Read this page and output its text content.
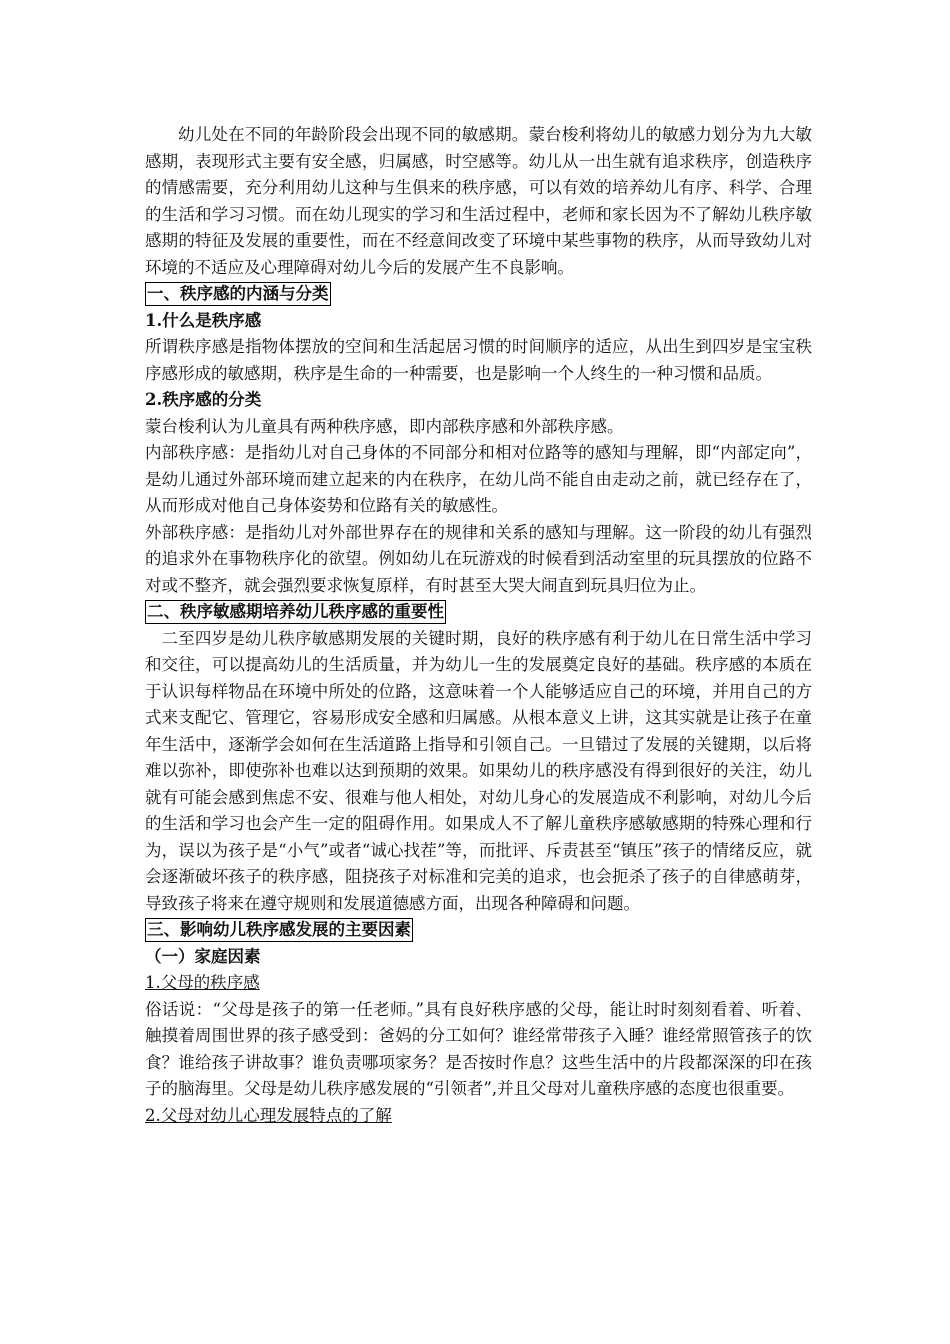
幼儿处在不同的年龄阶段会出现不同的敏感期。蒙台梭利将幼儿的敏感力划分为九大敏感期，表现形式主要有安全感，归属感，时空感等。幼儿从一出生就有追求秩序，创造秩序的情感需要，充分利用幼儿这种与生俱来的秩序感，可以有效的培养幼儿有序、科学、合理的生活和学习习惯。而在幼儿现实的学习和生活过程中，老师和家长因为不了解幼儿秩序敏感期的特征及发展的重要性，而在不经意间改变了环境中某些事物的秩序，从而导致幼儿对环境的不适应及心理障碍对幼儿今后的发展产生不良影响。

一、秩序感的内涵与分类

1.什么是秩序感

所谓秩序感是指物体摆放的空间和生活起居习惯的时间顺序的适应，从出生到四岁是宝宝秩序感形成的敏感期，秩序是生命的一种需要，也是影响一个人终生的一种习惯和品质。

2.秩序感的分类

蒙台梭利认为儿童具有两种秩序感，即内部秩序感和外部秩序感。

内部秩序感：是指幼儿对自己身体的不同部分和相对位路等的感知与理解，即“内部定向”，是幼儿通过外部环境而建立起来的内在秩序，在幼儿尚不能自由走动之前，就已经存在了，从而形成对他自己身体姿势和位路有关的敏感性。

外部秩序感：是指幼儿对外部世界存在的规律和关系的感知与理解。这一阶段的幼儿有强烈的追求外在事物秩序化的欲望。例如幼儿在玩游戏的时候看到活动室里的玩具摆放的位路不对或不整齐，就会强烈要求恢复原样，有时甚至大哭大闹直到玩具归位为止。

二、秩序敏感期培养幼儿秩序感的重要性

二至四岁是幼儿秩序敏感期发展的关键时期，良好的秩序感有利于幼儿在日常生活中学习和交往，可以提高幼儿的生活质量，并为幼儿一生的发展奠定良好的基础。秩序感的本质在于认识每样物品在环境中所处的位路，这意味着一个人能够适应自己的环境，并用自己的方式来支配它、管理它，容易形成安全感和归属感。从根本意义上讲，这其实就是让孩子在童年生活中，逐渐学会如何在生活道路上指导和引领自己。一旦错过了发展的关键期，以后将难以弥补，即使弥补也难以达到预期的效果。如果幼儿的秩序感没有得到很好的关注，幼儿就有可能会感到焦虑不安、很难与他人相处，对幼儿身心的发展造成不利影响，对幼儿今后的生活和学习也会产生一定的阻碍作用。如果成人不了解儿童秩序感敏感期的特殊心理和行为，误以为孩子是“小气”或者“诚心找茬”等，而批评、斥责甚至“镇压”孩子的情绪反应，就会逐渐破坏孩子的秩序感，阻挠孩子对标准和完美的追求，也会扼杀了孩子的自律感萌芽，导致孩子将来在遵守规则和发展道德感方面，出现各种障碍和问题。

三、影响幼儿秩序感发展的主要因素

（一）家庭因素

1.父母的秩序感

俗话说：“父母是孩子的第一任老师。”具有良好秩序感的父母，能让时时刻刻看着、听着、触摸着周围世界的孩子感受到：爸妈的分工如何？谁经常带孩子入睡？谁经常照管孩子的饮食？谁给孩子讲故事？谁负责哪项家务？是否按时作息？这些生活中的片段都深深的印在孩子的脑海里。父母是幼儿秩序感发展的“引领者”,并且父母对儿童秩序感的态度也很重要。

2.父母对幼儿心理发展特点的了解
